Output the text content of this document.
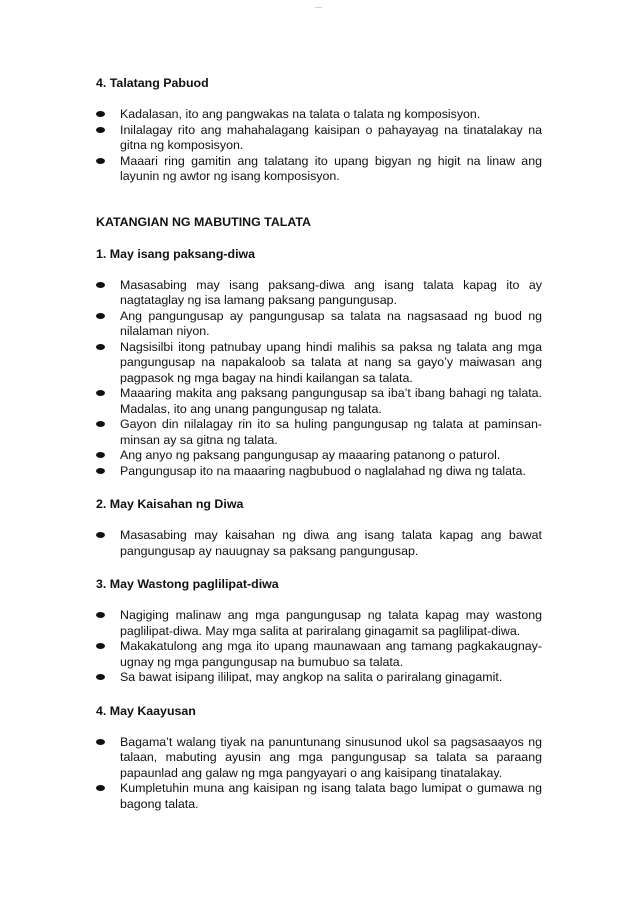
—

4. Talatang Pabuod

Kadalasan, ito ang pangwakas na talata o talata ng komposisyon.
Inilalagay rito ang mahahalagang kaisipan o pahayayag na tinatalakay na gitna ng komposisyon.
Maaari ring gamitin ang talatang ito upang bigyan ng higit na linaw ang layunin ng awtor ng isang komposisyon.

KATANGIAN NG MABUTING TALATA

1. May isang paksang-diwa

Masasabing may isang paksang-diwa ang isang talata kapag ito ay nagtataglay ng isa lamang paksang pangungusap.
Ang pangungusap ay pangungusap sa talata na nagsasaad ng buod ng nilalaman niyon.
Nagsisilbi itong patnubay upang hindi malihis sa paksa ng talata ang mga pangungusap na napakaloob sa talata at nang sa gayo’y maiwasan ang pagpasok ng mga bagay na hindi kailangan sa talata.
Maaaring makita ang paksang pangungusap sa iba’t ibang bahagi ng talata. Madalas, ito ang unang pangungusap ng talata.
Gayon din nilalagay rin ito sa huling pangungusap ng talata at paminsan-minsan ay sa gitna ng talata.
Ang anyo ng paksang pangungusap ay maaaring patanong o paturol.
Pangungusap ito na maaaring nagbubuod o naglalahad ng diwa ng talata.

2. May Kaisahan ng Diwa

Masasabing may kaisahan ng diwa ang isang talata kapag ang bawat pangungusap ay nauugnay sa paksang pangungusap.

3. May Wastong paglilipat-diwa

Nagiging malinaw ang mga pangungusap ng talata kapag may wastong paglilipat-diwa. May mga salita at pariralang ginagamit sa paglilipat-diwa.
Makakatulong ang mga ito upang maunawaan ang tamang pagkakaugnay-ugnay ng mga pangungusap na bumubuo sa talata.
Sa bawat isipang ililipat, may angkop na salita o pariralang ginagamit.

4. May Kaayusan

Bagama’t walang tiyak na panuntunang sinusunod ukol sa pagsasaayos ng talaan, mabuting ayusin ang mga pangungusap sa talata sa paraang papaunlad ang galaw ng mga pangyayari o ang kaisipang tinatalakay.
Kumpletuhin muna ang kaisipan ng isang talata bago lumipat o gumawa ng bagong talata.
